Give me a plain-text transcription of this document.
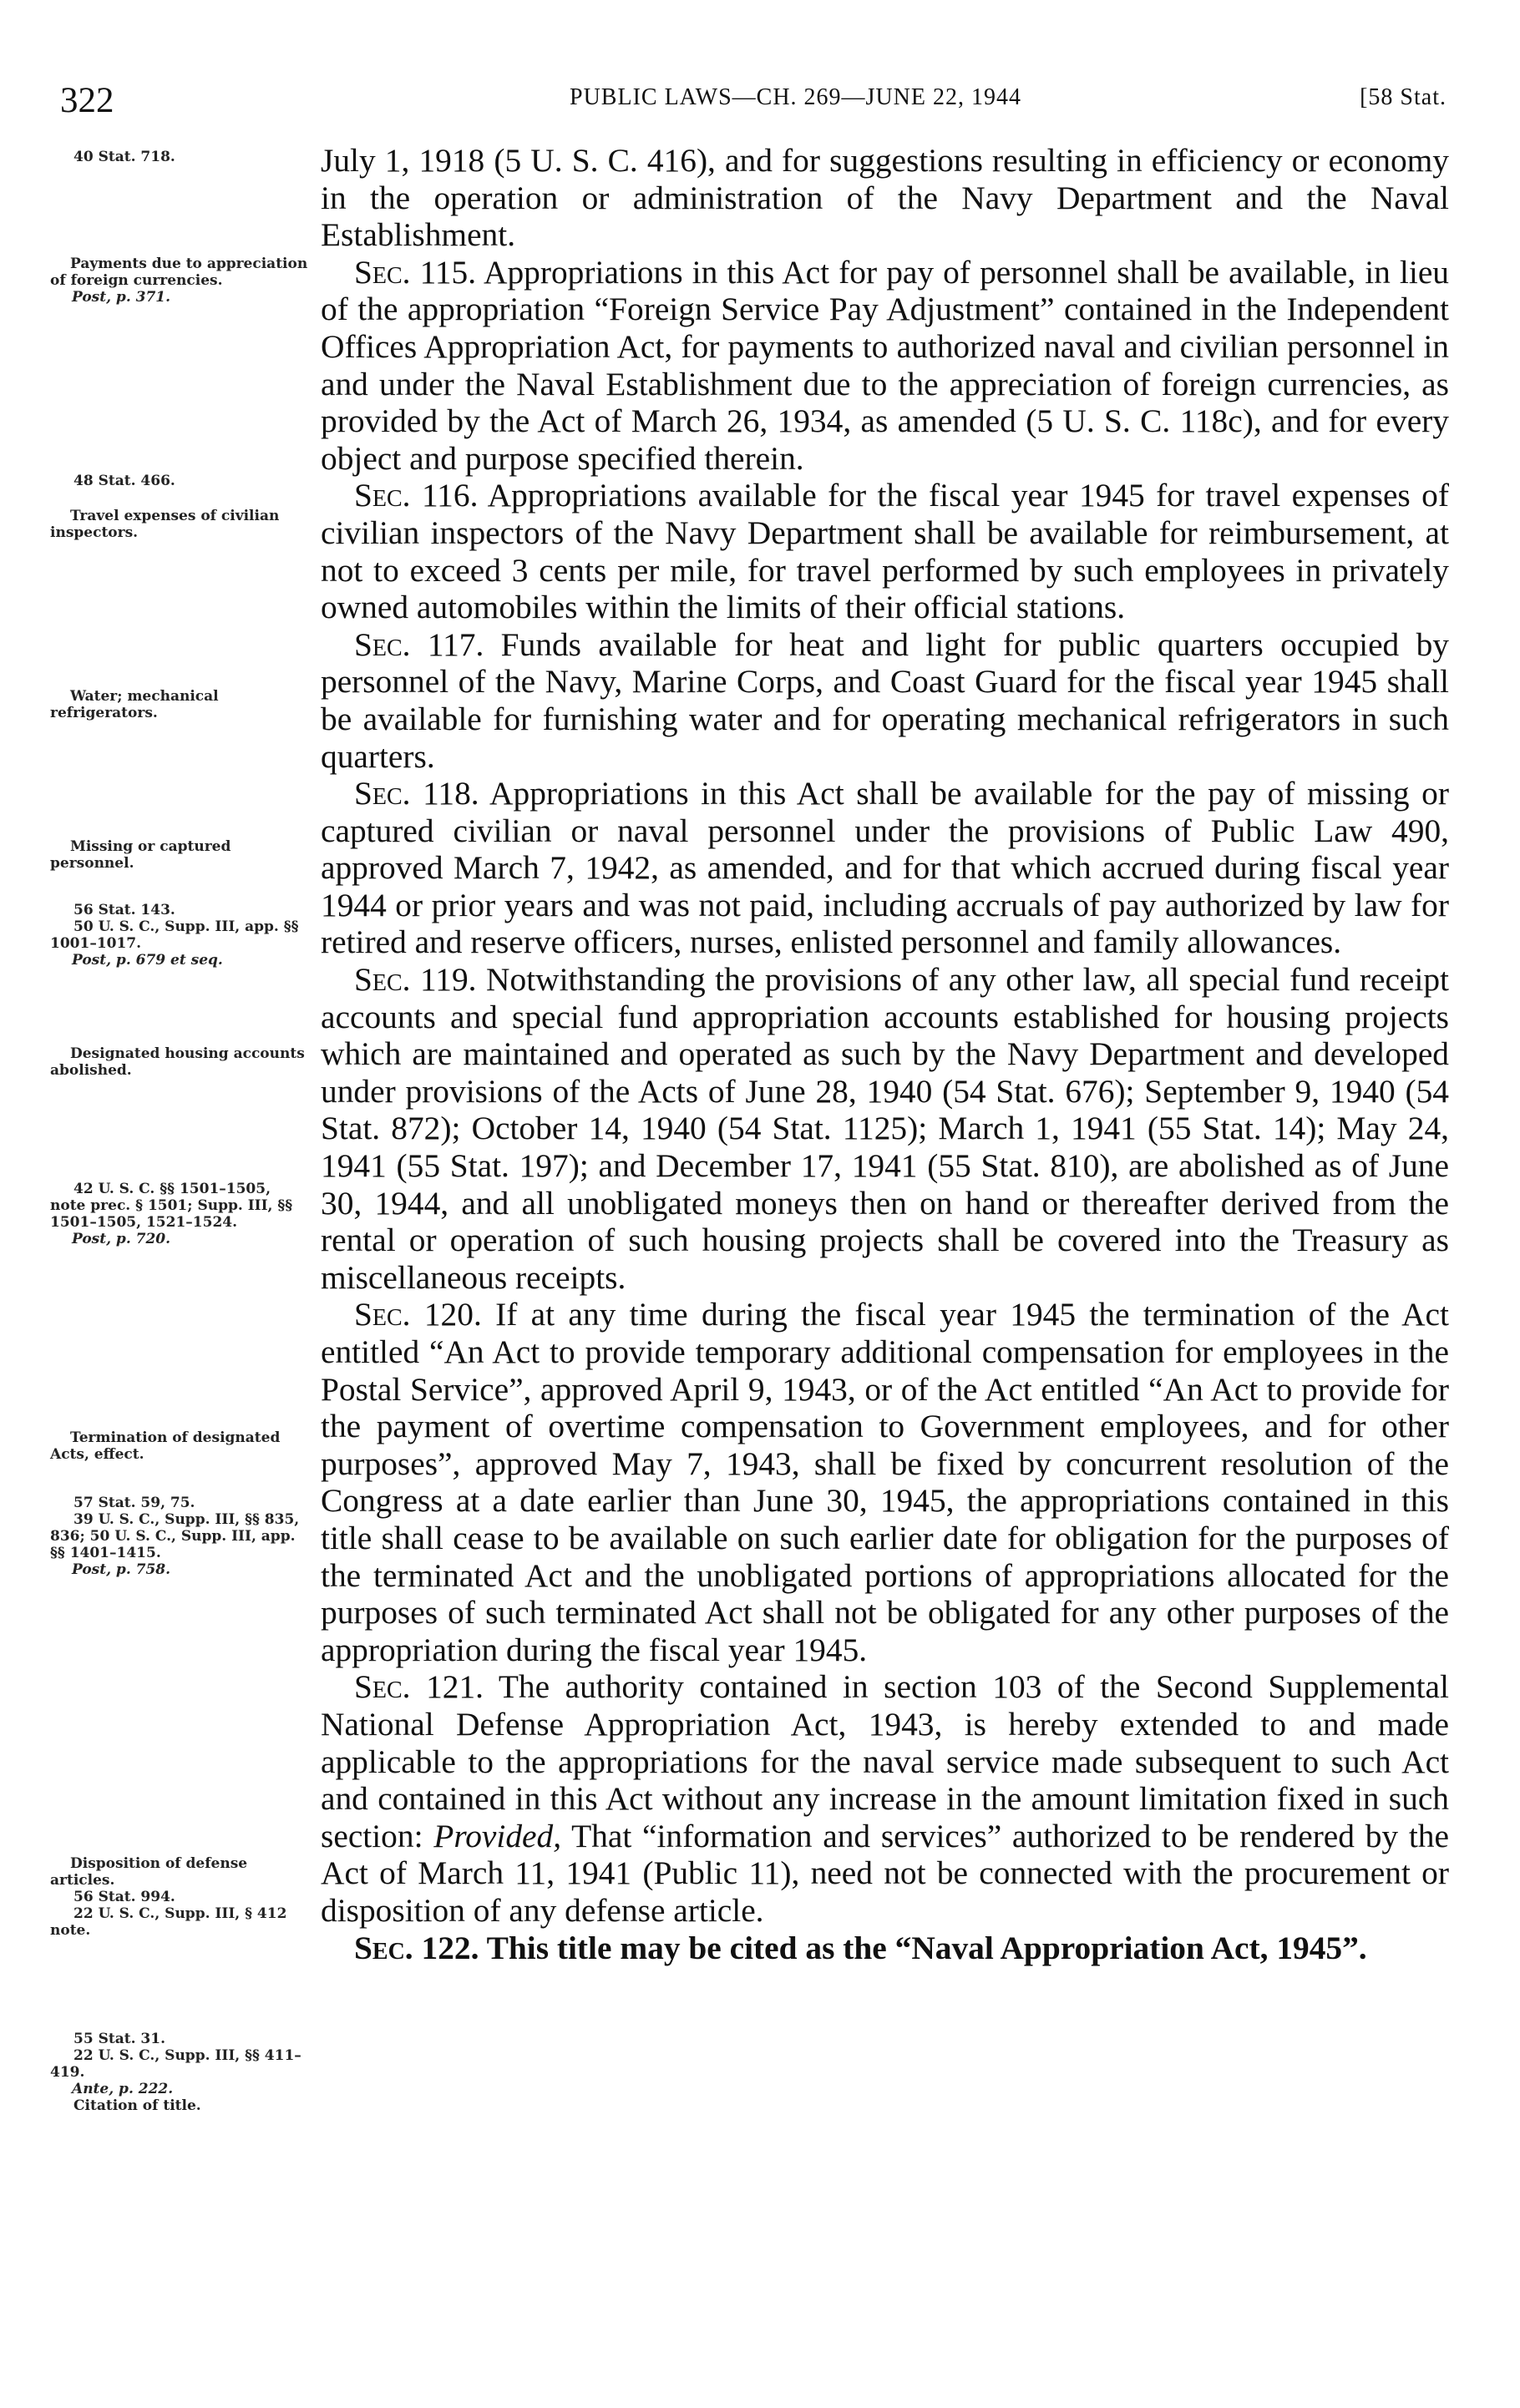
322	PUBLIC LAWS—CH. 269—JUNE 22, 1944	[58 Stat.
40 Stat. 718.
Payments due to appreciation of foreign currencies.
Post, p. 371.
48 Stat. 466.
Travel expenses of civilian inspectors.
Water; mechanical refrigerators.
Missing or captured personnel.
56 Stat. 143.
50 U. S. C., Supp. III, app. §§ 1001–1017.
Post, p. 679 et seq.
Designated housing accounts abolished.
42 U. S. C. §§ 1501–1505, note prec. § 1501; Supp. III, §§ 1501–1505, 1521–1524.
Post, p. 720.
Termination of designated Acts, effect.
57 Stat. 59, 75.
39 U. S. C., Supp. III, §§ 835, 836; 50 U. S. C., Supp. III, app. §§ 1401–1415.
Post, p. 758.
Disposition of defense articles.
56 Stat. 994.
22 U. S. C., Supp. III, § 412 note.
55 Stat. 31.
22 U. S. C., Supp. III, §§ 411–419.
Ante, p. 222.
Citation of title.

July 1, 1918 (5 U. S. C. 416), and for suggestions resulting in efficiency or economy in the operation or administration of the Navy Department and the Naval Establishment.

Sec. 115. Appropriations in this Act for pay of personnel shall be available, in lieu of the appropriation “Foreign Service Pay Adjustment” contained in the Independent Offices Appropriation Act, for payments to authorized naval and civilian personnel in and under the Naval Establishment due to the appreciation of foreign currencies, as provided by the Act of March 26, 1934, as amended (5 U. S. C. 118c), and for every object and purpose specified therein.

Sec. 116. Appropriations available for the fiscal year 1945 for travel expenses of civilian inspectors of the Navy Department shall be available for reimbursement, at not to exceed 3 cents per mile, for travel performed by such employees in privately owned automobiles within the limits of their official stations.

Sec. 117. Funds available for heat and light for public quarters occupied by personnel of the Navy, Marine Corps, and Coast Guard for the fiscal year 1945 shall be available for furnishing water and for operating mechanical refrigerators in such quarters.

Sec. 118. Appropriations in this Act shall be available for the pay of missing or captured civilian or naval personnel under the provisions of Public Law 490, approved March 7, 1942, as amended, and for that which accrued during fiscal year 1944 or prior years and was not paid, including accruals of pay authorized by law for retired and reserve officers, nurses, enlisted personnel and family allowances.

Sec. 119. Notwithstanding the provisions of any other law, all special fund receipt accounts and special fund appropriation accounts established for housing projects which are maintained and operated as such by the Navy Department and developed under provisions of the Acts of June 28, 1940 (54 Stat. 676); September 9, 1940 (54 Stat. 872); October 14, 1940 (54 Stat. 1125); March 1, 1941 (55 Stat. 14); May 24, 1941 (55 Stat. 197); and December 17, 1941 (55 Stat. 810), are abolished as of June 30, 1944, and all unobligated moneys then on hand or thereafter derived from the rental or operation of such housing projects shall be covered into the Treasury as miscellaneous receipts.

Sec. 120. If at any time during the fiscal year 1945 the termination of the Act entitled “An Act to provide temporary additional compensation for employees in the Postal Service”, approved April 9, 1943, or of the Act entitled “An Act to provide for the payment of overtime compensation to Government employees, and for other purposes”, approved May 7, 1943, shall be fixed by concurrent resolution of the Congress at a date earlier than June 30, 1945, the appropriations contained in this title shall cease to be available on such earlier date for obligation for the purposes of the terminated Act and the unobligated portions of appropriations allocated for the purposes of such terminated Act shall not be obligated for any other purposes of the appropriation during the fiscal year 1945.

Sec. 121. The authority contained in section 103 of the Second Supplemental National Defense Appropriation Act, 1943, is hereby extended to and made applicable to the appropriations for the naval service made subsequent to such Act and contained in this Act without any increase in the amount limitation fixed in such section: Provided, That “information and services” authorized to be rendered by the Act of March 11, 1941 (Public 11), need not be connected with the procurement or disposition of any defense article.

Sec. 122. This title may be cited as the “Naval Appropriation Act, 1945”.
